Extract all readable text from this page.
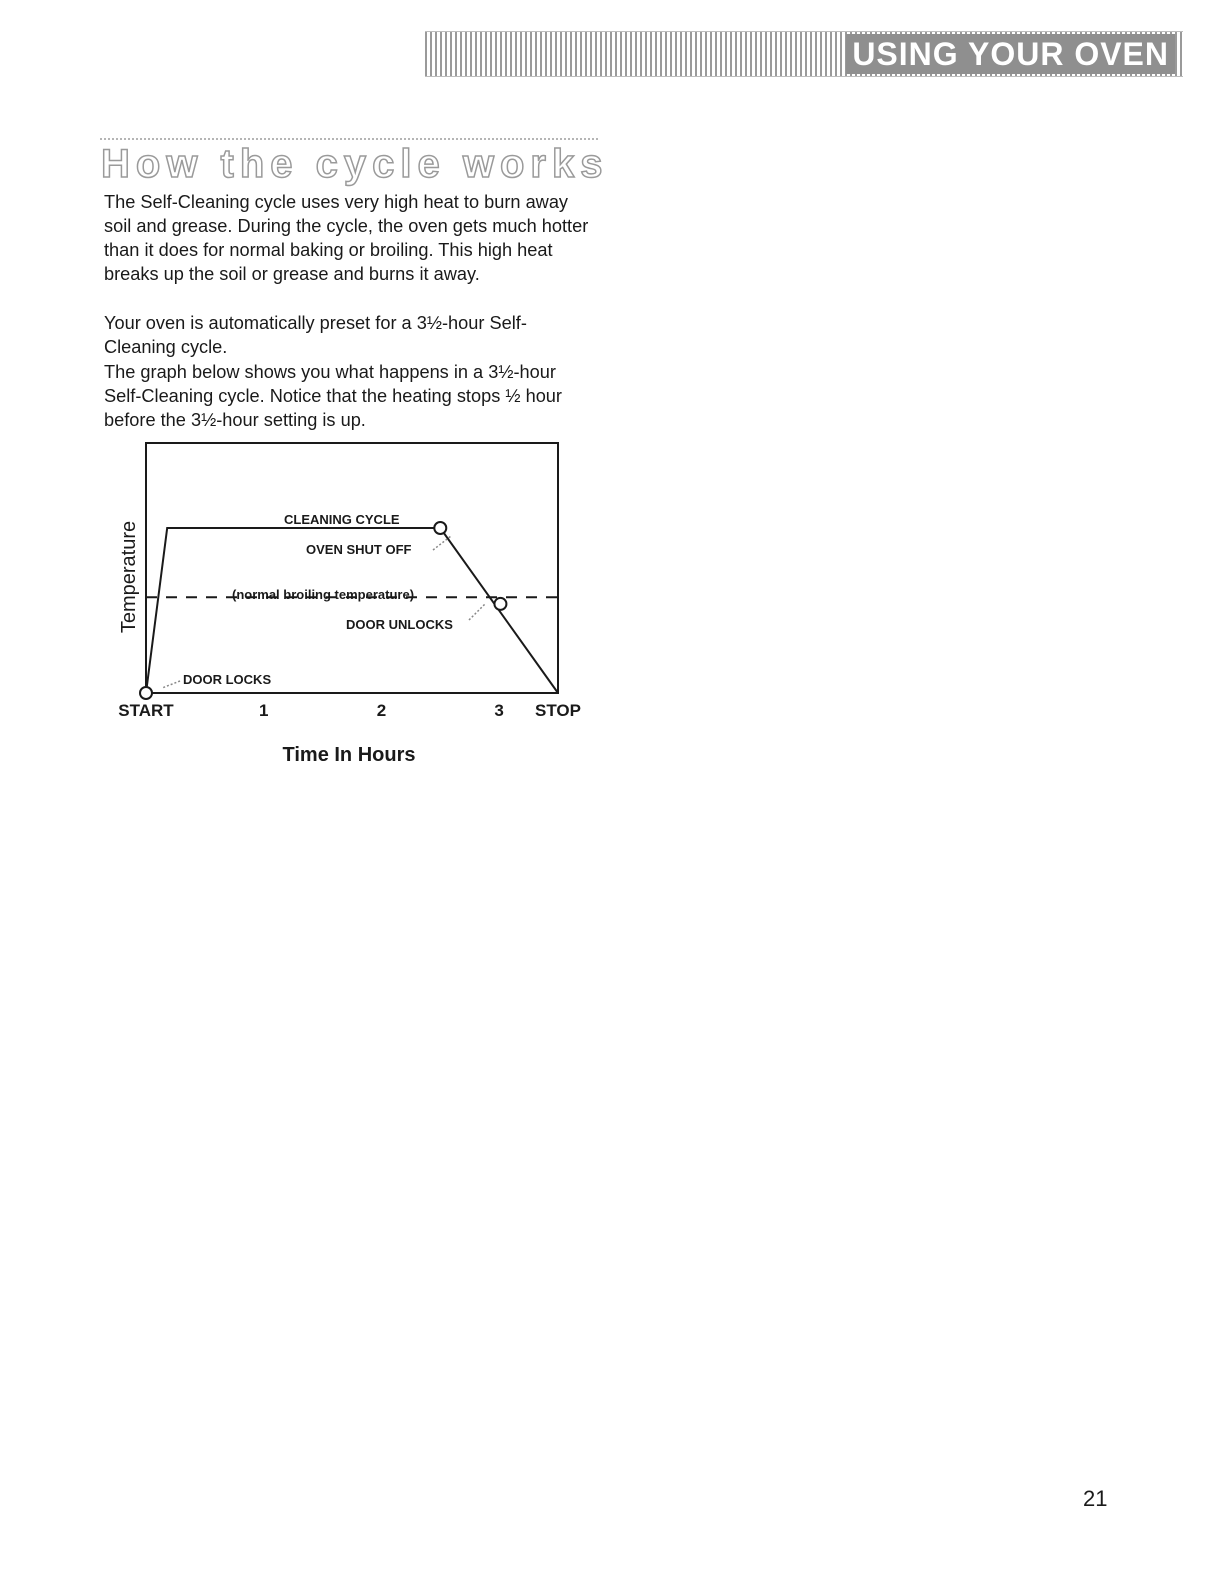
USING YOUR OVEN
How the cycle works

The Self-Cleaning cycle uses very high heat to burn away soil and grease. During the cycle, the oven gets much hotter than it does for normal baking or broiling. This high heat breaks up the soil or grease and burns it away.

Your oven is automatically preset for a 3½-hour Self-Cleaning cycle.

The graph below shows you what happens in a 3½-hour Self-Cleaning cycle. Notice that the heating stops ½ hour before the 3½-hour setting is up.

CLEANING CYCLE
OVEN SHUT OFF
(normal broiling temperature)
DOOR UNLOCKS
DOOR LOCKS
Temperature
Time In Hours
START	1	2	3 STOP
21
